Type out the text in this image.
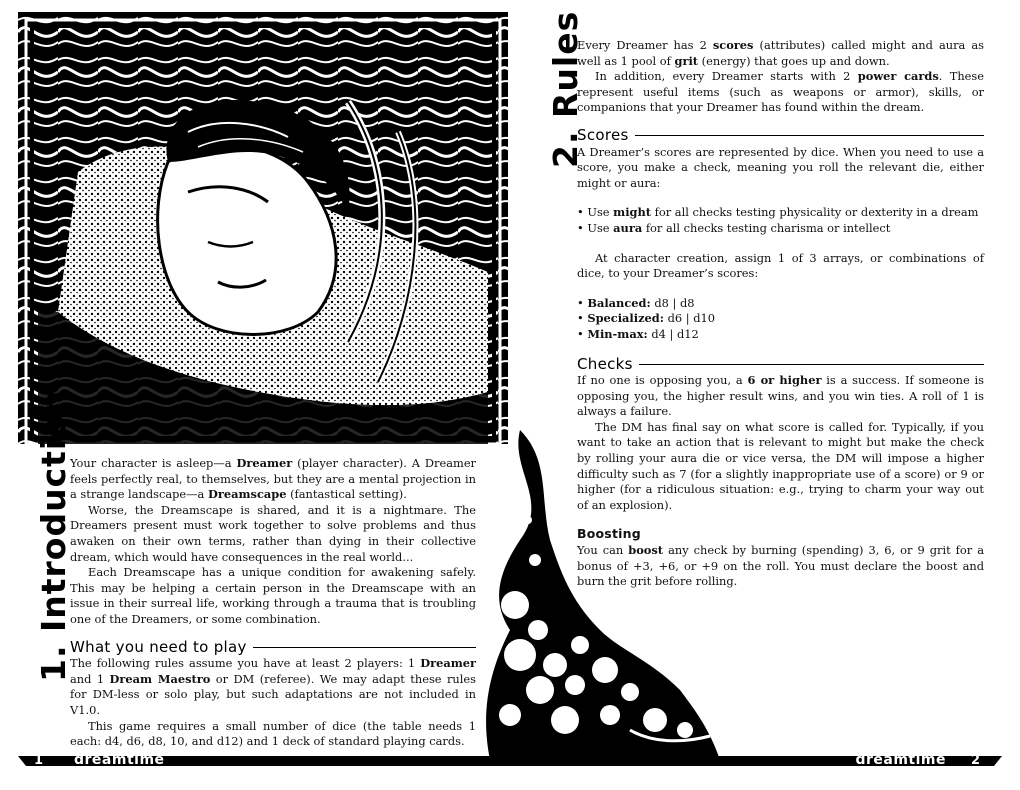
1. Introduction

Your character is asleep—a Dreamer (player character). A Dreamer feels perfectly real, to themselves, but they are a mental projection in a strange landscape—a Dreamscape (fantastical setting).

Worse, the Dreamscape is shared, and it is a nightmare. The Dreamers present must work together to solve problems and thus awaken on their own terms, rather than dying in their collective dream, which would have consequences in the real world...

Each Dreamscape has a unique condition for awakening safely. This may be helping a certain person in the Dreamscape with an issue in their surreal life, working through a trauma that is troubling one of the Dreamers, or some combination.

What you need to play

The following rules assume you have at least 2 players: 1 Dreamer and 1 Dream Maestro or DM (referee). We may adapt these rules for DM-less or solo play, but such adaptations are not included in V1.0.

This game requires a small number of dice (the table needs 1 each: d4, d6, d8, 10, and d12) and 1 deck of standard playing cards.

2. Rules

Every Dreamer has 2 scores (attributes) called might and aura as well as 1 pool of grit (energy) that goes up and down.

In addition, every Dreamer starts with 2 power cards. These represent useful items (such as weapons or armor), skills, or companions that your Dreamer has found within the dream.

Scores

A Dreamer’s scores are represented by dice. When you need to use a score, you make a check, meaning you roll the relevant die, either might or aura:

• Use might for all checks testing physicality or dexterity in a dream
• Use aura for all checks testing charisma or intellect

At character creation, assign 1 of 3 arrays, or combinations of dice, to your Dreamer’s scores:

• Balanced: d8 | d8
• Specialized: d6 | d10
• Min-max: d4 | d12
Checks

If no one is opposing you, a 6 or higher is a success. If someone is opposing you, the higher result wins, and you win ties. A roll of 1 is always a failure.

The DM has final say on what score is called for. Typically, if you want to take an action that is relevant to might but make the check by rolling your aura die or vice versa, the DM will impose a higher difficulty such as 7 (for a slightly inappropriate use of a score) or 9 or higher (for a ridiculous situation: e.g., trying to charm your way out of an explosion).

Boosting

You can boost any check by burning (spending) 3, 6, or 9 grit for a bonus of +3, +6, or +9 on the roll. You must declare the boost and burn the grit before rolling.

1 dreamtime	dreamtime 2
